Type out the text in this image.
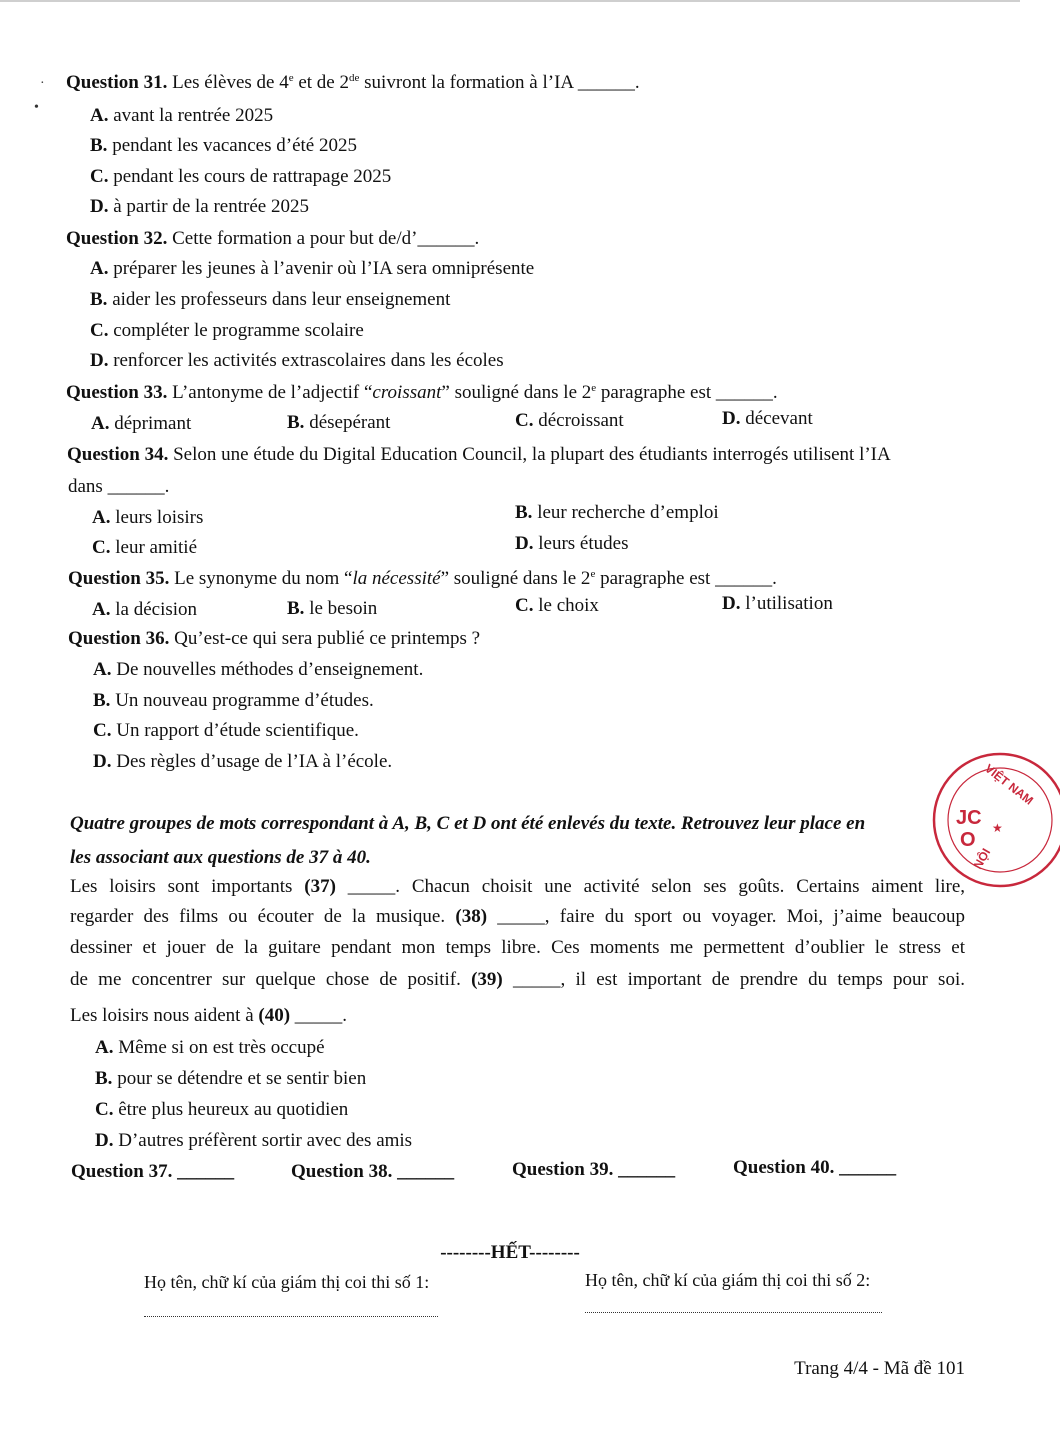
·
•
Question 31. Les élèves de 4e et de 2de suivront la formation à l’IA ______.
A. avant la rentrée 2025
B. pendant les vacances d’été 2025
C. pendant les cours de rattrapage 2025
D. à partir de la rentrée 2025
Question 32. Cette formation a pour but de/d’______.
A. préparer les jeunes à l’avenir où l’IA sera omniprésente
B. aider les professeurs dans leur enseignement
C. compléter le programme scolaire
D. renforcer les activités extrascolaires dans les écoles
Question 33. L’antonyme de l’adjectif “croissant” souligné dans le 2e paragraphe est ______.
A. déprimant	B. désepérant	C. décroissant	D. décevant
Question 34. Selon une étude du Digital Education Council, la plupart des étudiants interrogés utilisent l’IA
dans ______.
A. leurs loisirs	B. leur recherche d’emploi
C. leur amitié	D. leurs études
Question 35. Le synonyme du nom “la nécessité” souligné dans le 2e paragraphe est ______.
A. la décision	B. le besoin	C. le choix	D. l’utilisation
Question 36. Qu’est-ce qui sera publié ce printemps ?
A. De nouvelles méthodes d’enseignement.
B. Un nouveau programme d’études.
C. Un rapport d’étude scientifique.
D. Des règles d’usage de l’IA à l’école.
Quatre groupes de mots correspondant à A, B, C et D ont été enlevés du texte. Retrouvez leur place en
les associant aux questions de 37 à 40.
Les loisirs sont importants (37) _____. Chacun choisit une activité selon ses goûts. Certains aiment lire,
regarder des films ou écouter de la musique. (38) _____, faire du sport ou voyager. Moi, j’aime beaucoup
dessiner et jouer de la guitare pendant mon temps libre. Ces moments me permettent d’oublier le stress et
de me concentrer sur quelque chose de positif. (39) _____, il est important de prendre du temps pour soi.
Les loisirs nous aident à (40) _____.
A. Même si on est très occupé
B. pour se détendre et se sentir bien
C. être plus heureux au quotidien
D. D’autres préfèrent sortir avec des amis
Question 37. ______	Question 38. ______	Question 39. ______	Question 40. ______
--------HẾT--------
Họ tên, chữ kí của giám thị coi thi số 1:	Họ tên, chữ kí của giám thị coi thi số 2:
Trang 4/4 - Mã đề 101
VIỆT NAM
NỘI
JC
O
★
